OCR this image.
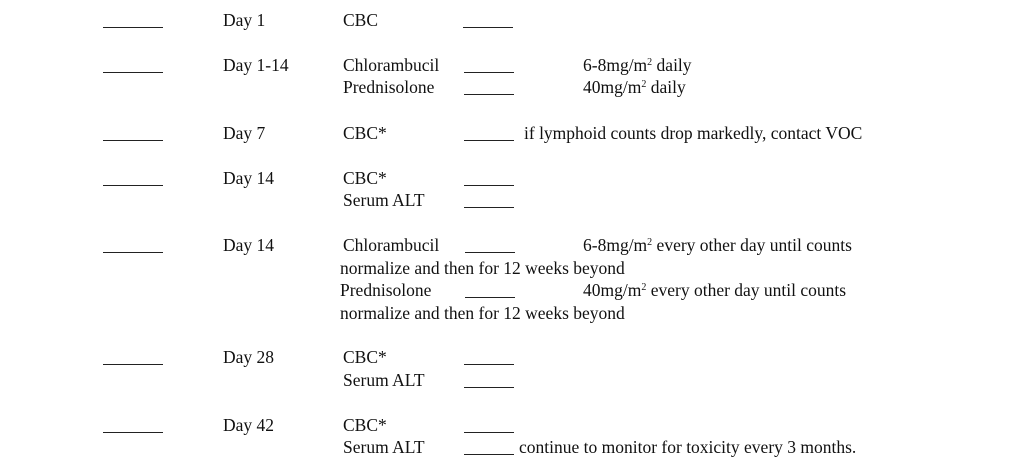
Day 1	CBC
Day 1-14	Chlorambucil	$6-8mg/m^2$ daily
Prednisolone	$40mg/m^2$ daily
Day 7	CBC*	if lymphoid counts drop markedly, contact VOC
Day 14	CBC*
Serum ALT
Day 14	Chlorambucil	$6-8mg/m^2$ every other day until counts
normalize and then for 12 weeks beyond
Prednisolone	$40mg/m^2$ every other day until counts
normalize and then for 12 weeks beyond
Day 28	CBC*
Serum ALT
Day 42	CBC*
Serum ALT	continue to monitor for toxicity every 3 months.
